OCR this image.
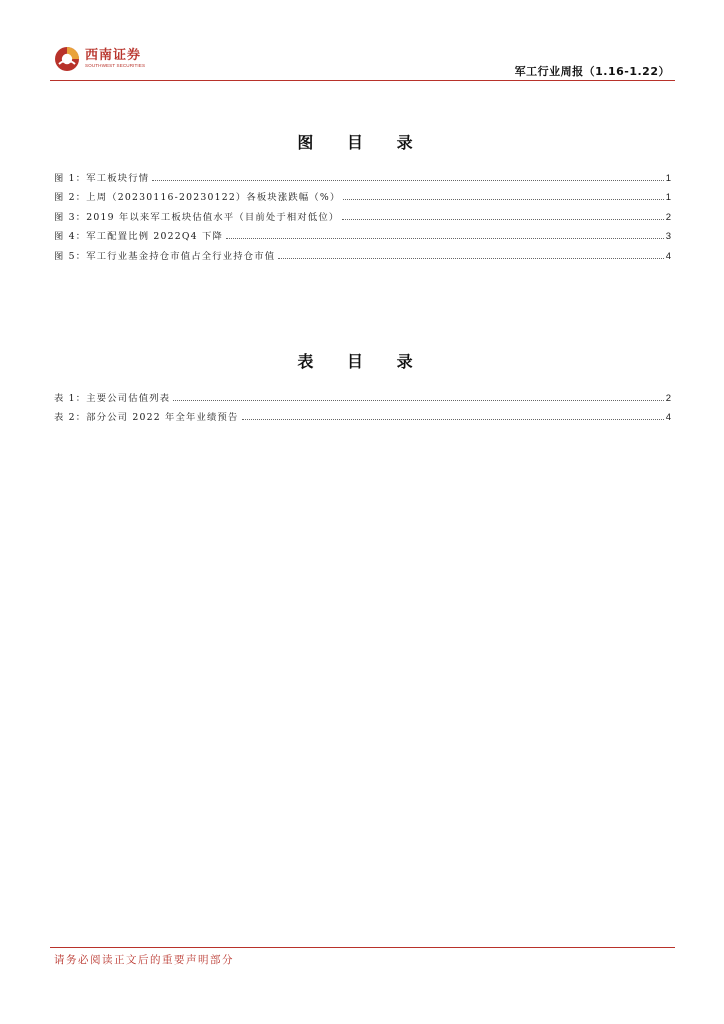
西南证券
SOUTHWEST SECURITIES	军工行业周报（1.16-1.22）
图 目 录
图 1：军工板块行情	1
图 2：上周（20230116-20230122）各板块涨跌幅（%）	1
图 3：2019 年以来军工板块估值水平（目前处于相对低位）	2
图 4：军工配置比例 2022Q4 下降	3
图 5：军工行业基金持仓市值占全行业持仓市值	4
表 目 录
表 1：主要公司估值列表	2
表 2：部分公司 2022 年全年业绩预告	4
请务必阅读正文后的重要声明部分
